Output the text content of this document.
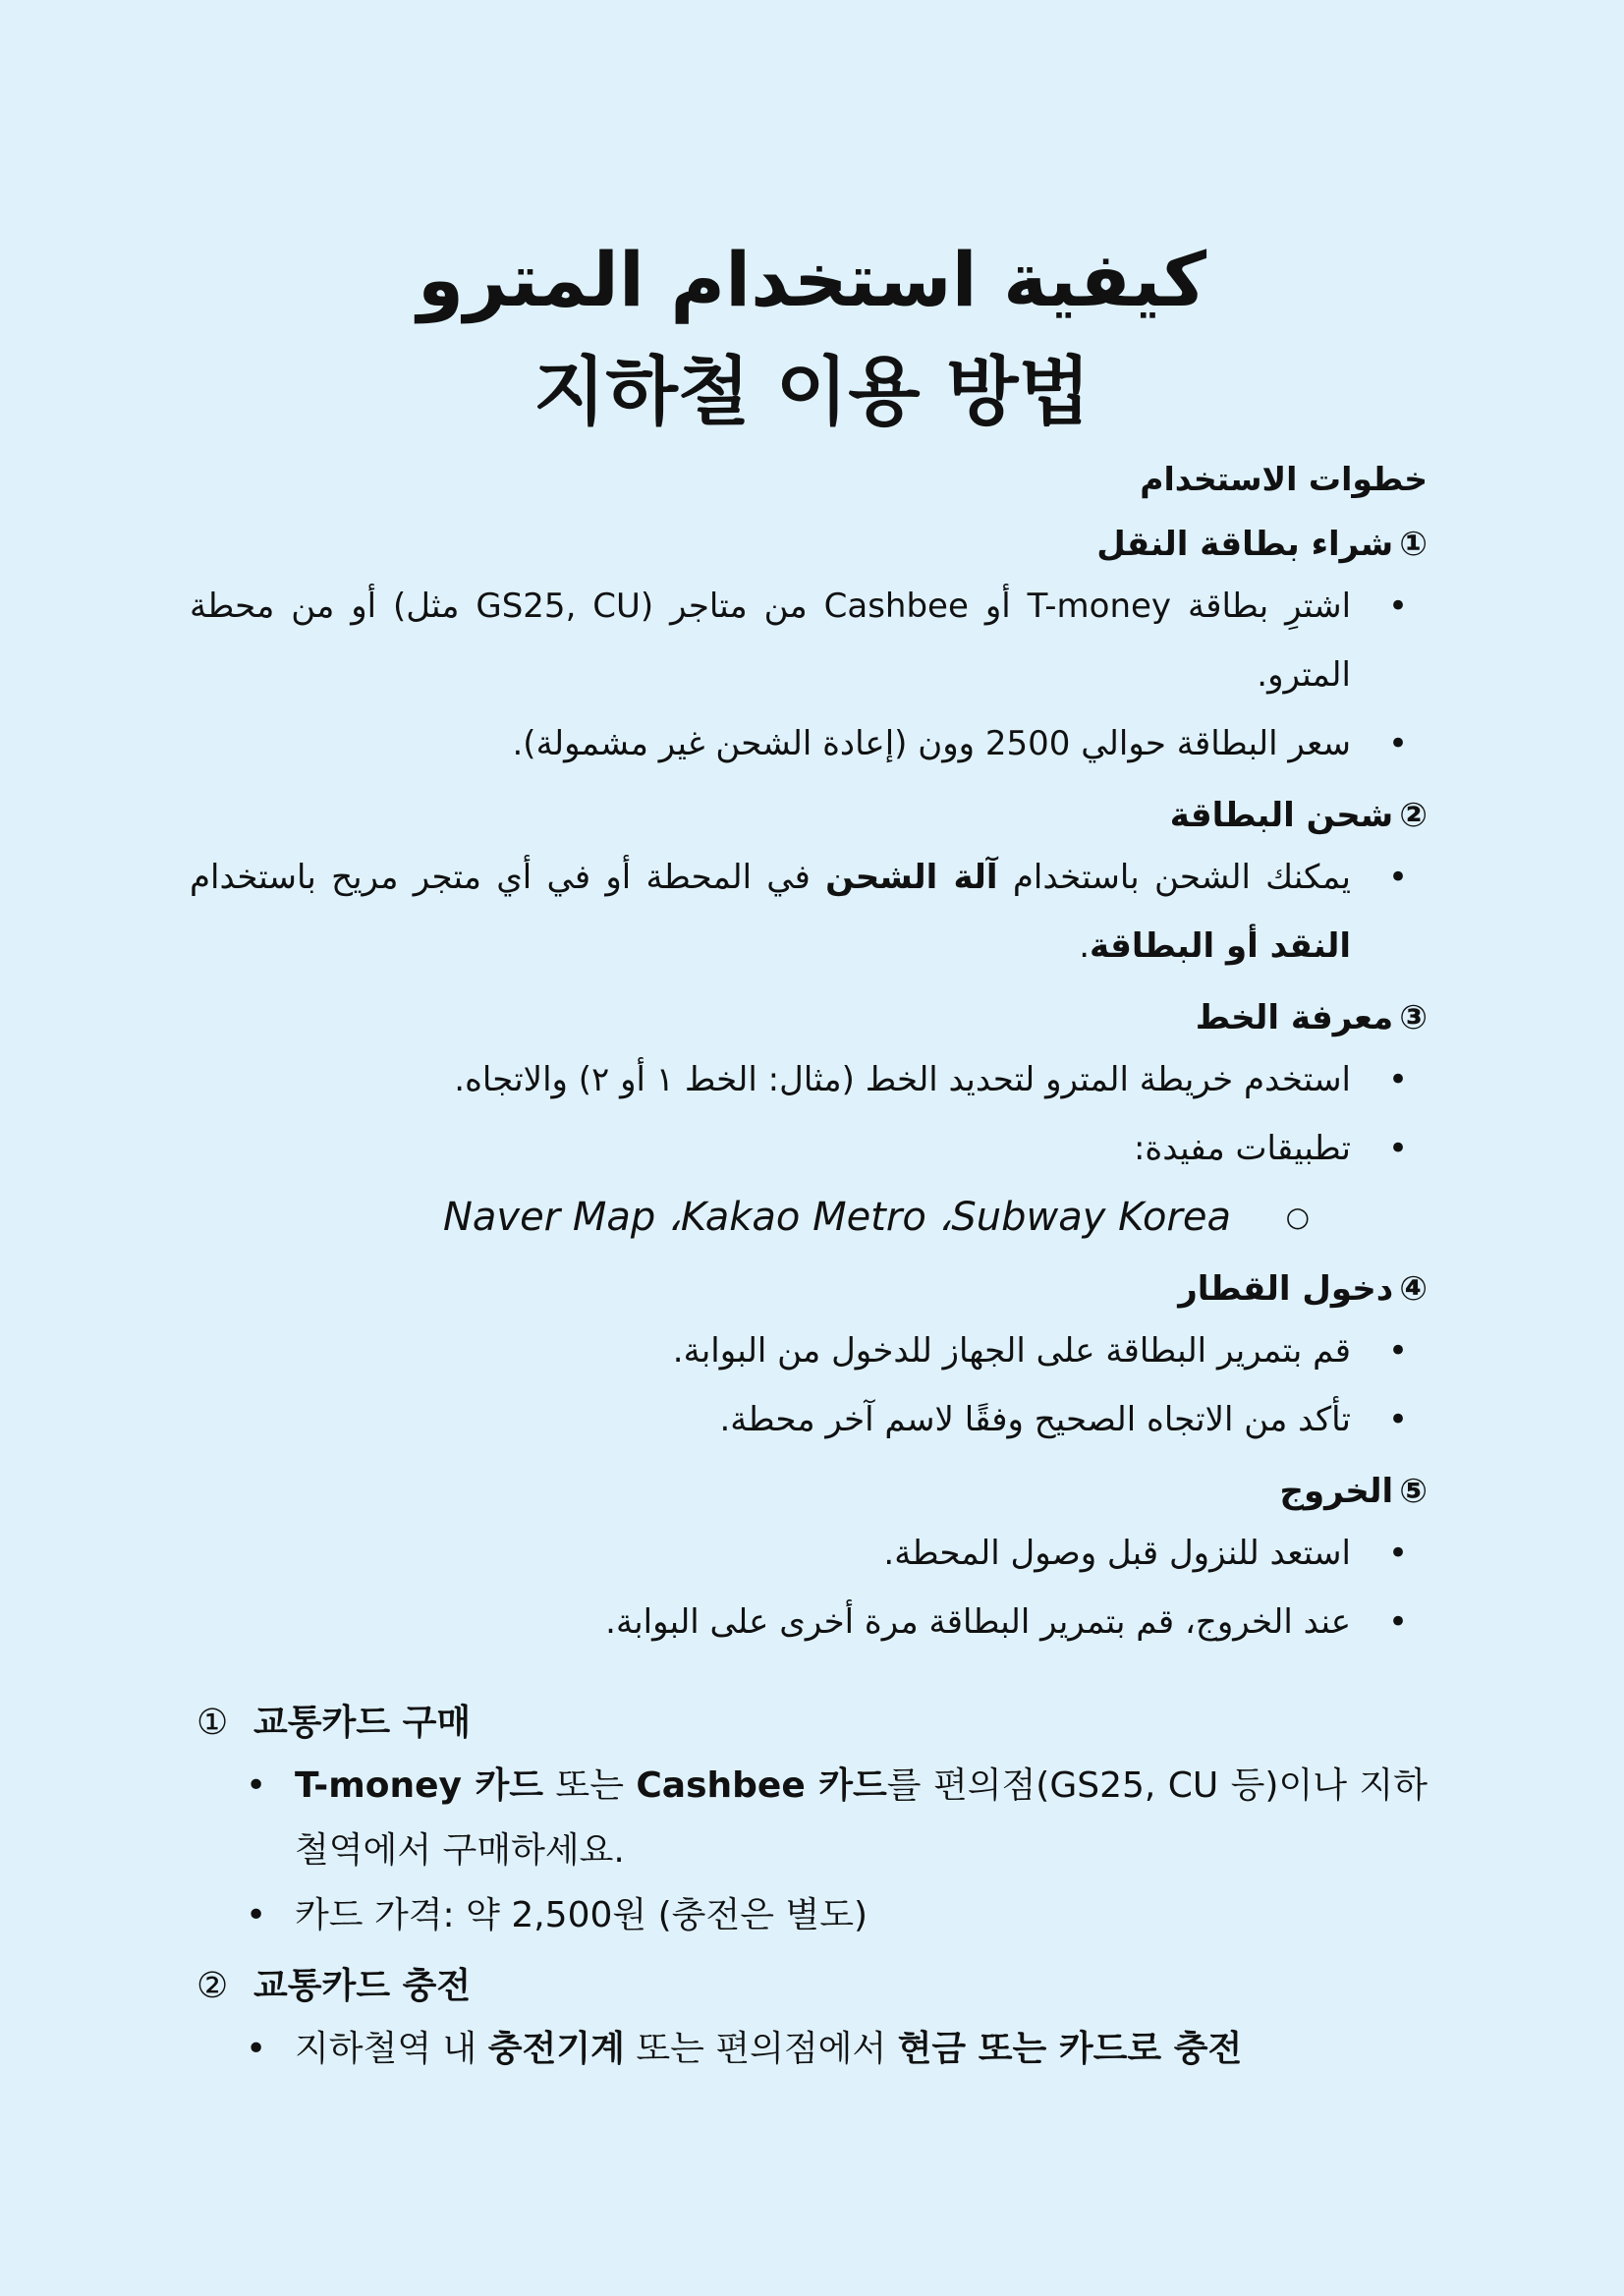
كيفية استخدام المترو
지하철 이용 방법
خطوات الاستخدام
①شراء بطاقة النقل
• اشترِ بطاقة T-money أو Cashbee من متاجر (GS25, CU مثل) أو من محطة المترو.
• سعر البطاقة حوالي 2500 وون (إعادة الشحن غير مشمولة).
②شحن البطاقة
• يمكنك الشحن باستخدام آلة الشحن في المحطة أو في أي متجر مريح باستخدام النقد أو البطاقة.
③معرفة الخط
• استخدم خريطة المترو لتحديد الخط (مثال: الخط ١ أو ٢) والاتجاه.
• تطبيقات مفيدة:
○ Naver Map ،Kakao Metro ،Subway Korea
④دخول القطار
• قم بتمرير البطاقة على الجهاز للدخول من البوابة.
• تأكد من الاتجاه الصحيح وفقًا لاسم آخر محطة.
⑤الخروج
• استعد للنزول قبل وصول المحطة.
• عند الخروج، قم بتمرير البطاقة مرة أخرى على البوابة.
① 교통카드 구매
• T-money 카드 또는 Cashbee 카드를 편의점(GS25, CU 등)이나 지하철역에서 구매하세요.
• 카드 가격: 약 2,500원 (충전은 별도)
② 교통카드 충전
• 지하철역 내 충전기계 또는 편의점에서 현금 또는 카드로 충전
